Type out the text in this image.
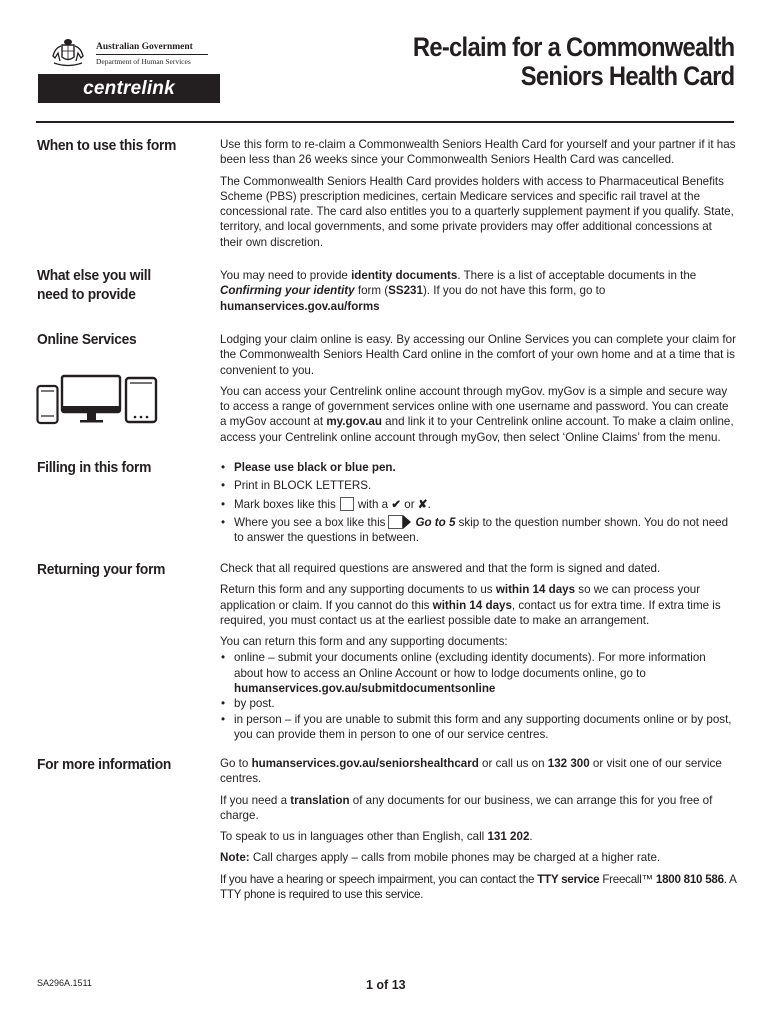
Australian Government
Department of Human Services
centrelink
Re-claim for a Commonwealth
Seniors Health Card
When to use this form	Use this form to re-claim a Commonwealth Seniors Health Card for yourself and your partner if it has been less than 26 weeks since your Commonwealth Seniors Health Card was cancelled.

The Commonwealth Seniors Health Card provides holders with access to Pharmaceutical Benefits Scheme (PBS) prescription medicines, certain Medicare services and specific rail travel at the concessional rate. The card also entitles you to a quarterly supplement payment if you qualify. State, territory, and local governments, and some private providers may offer additional concessions at their own discretion.

What else you will
need to provide

You may need to provide identity documents. There is a list of acceptable documents in the Confirming your identity form (SS231). If you do not have this form, go to
humanservices.gov.au/forms

Online Services	Lodging your claim online is easy. By accessing our Online Services you can complete your claim for the Commonwealth Seniors Health Card online in the comfort of your own home and at a time that is convenient to you.

You can access your Centrelink online account through myGov. myGov is a simple and secure way to access a range of government services online with one username and password. You can create a myGov account at my.gov.au and link it to your Centrelink online account. To make a claim online, access your Centrelink online account through myGov, then select ‘Online Claims’ from the menu.

Filling in this form	• Please use black or blue pen.
• Print in BLOCK LETTERS.
• Mark boxes like this with a ✔ or ✘.
• Where you see a box like this	Go to 5 skip to the question number shown. You do not need to answer the questions in between.
Returning your form	Check that all required questions are answered and that the form is signed and dated.

Return this form and any supporting documents to us within 14 days so we can process your application or claim. If you cannot do this within 14 days, contact us for extra time. If extra time is required, you must contact us at the earliest possible date to make an arrangement.

You can return this form and any supporting documents:

• online – submit your documents online (excluding identity documents). For more information about how to access an Online Account or how to lodge documents online, go to
humanservices.gov.au/submitdocumentsonline
• by post.
• in person – if you are unable to submit this form and any supporting documents online or by post, you can provide them in person to one of our service centres.
For more information	Go to humanservices.gov.au/seniorshealthcard or call us on 132 300 or visit one of our service centres.

If you need a translation of any documents for our business, we can arrange this for you free of charge.

To speak to us in languages other than English, call 131 202.

Note: Call charges apply – calls from mobile phones may be charged at a higher rate.

If you have a hearing or speech impairment, you can contact the TTY service Freecall™ 1800 810 586. A TTY phone is required to use this service.

SA296A.1511	1 of 13
